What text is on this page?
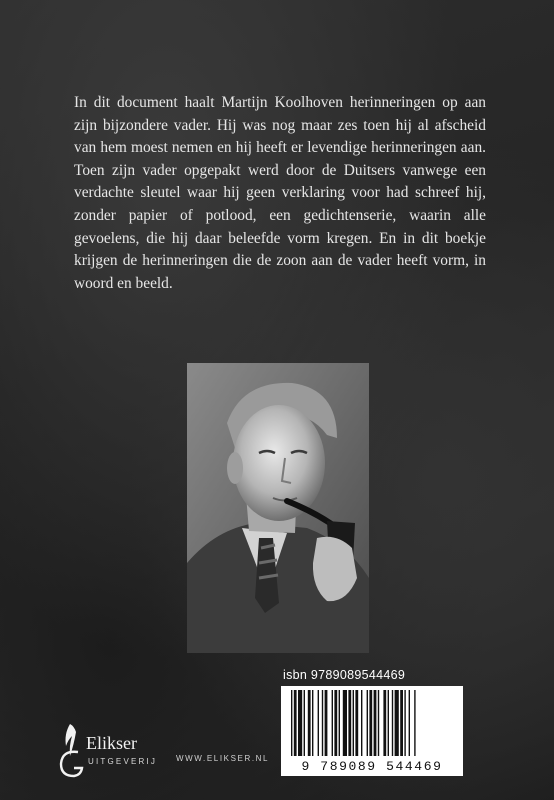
In dit document haalt Martijn Koolhoven herinneringen op aan zijn bijzondere vader. Hij was nog maar zes toen hij al afscheid van hem moest nemen en hij heeft er levendige herinneringen aan. Toen zijn vader opgepakt werd door de Duitsers vanwege een verdachte sleutel waar hij geen verklaring voor had schreef hij, zonder papier of potlood, een gedichtenserie, waarin alle gevoelens, die hij daar beleefde vorm kregen. En in dit boekje krijgen de herinneringen die de zoon aan de vader heeft vorm, in woord en beeld.

isbn 9789089544469
9 789089 544469
Elikser
UITGEVERIJ WWW.ELIKSER.NL
